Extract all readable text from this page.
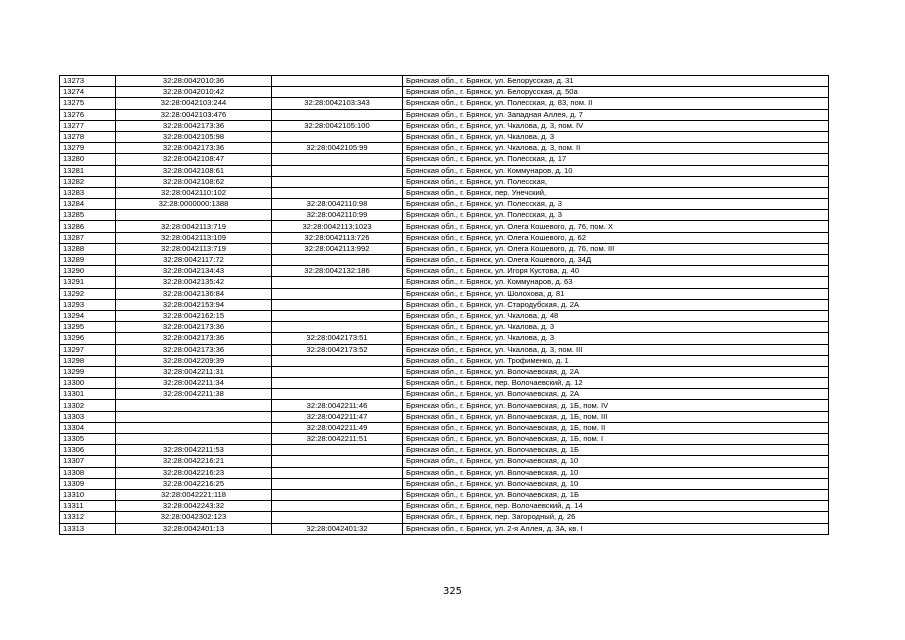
13273	32:28:0042010:36		Брянская обл., г. Брянск, ул. Белорусская, д. 31
13274	32:28:0042010:42		Брянская обл., г. Брянск, ул. Белорусская, д. 50а
13275	32:28:0042103:244	32:28:0042103:343	Брянская обл., г. Брянск, ул. Полесская, д. 83, пом. II
13276	32:28:0042103:476		Брянская обл., г. Брянск, ул. Западная Аллея, д. 7
13277	32:28:0042173:36	32:28:0042105:100	Брянская обл., г. Брянск, ул. Чкалова, д. 3, пом. IV
13278	32:28:0042105:98		Брянская обл., г. Брянск, ул. Чкалова, д. 3
13279	32:28:0042173:36	32:28:0042105:99	Брянская обл., г. Брянск, ул. Чкалова, д. 3, пом. II
13280	32:28:0042108:47		Брянская обл., г. Брянск, ул. Полесская, д. 17
13281	32:28:0042108:61		Брянская обл., г. Брянск, ул. Коммунаров, д. 10
13282	32:28:0042108:62		Брянская обл., г. Брянск, ул. Полесская,
13283	32:28:0042110:102		Брянская обл., г. Брянск, пер. Унечский,
13284	32:28:0000000:1388	32:28:0042110:98	Брянская обл., г. Брянск, ул. Полесская, д. 3
13285		32:28:0042110:99	Брянская обл., г. Брянск, ул. Полесская, д. 3
13286	32:28:0042113:719	32:28:0042113:1023	Брянская обл., г. Брянск, ул. Олега Кошевого, д. 76, пом. X
13287	32:28:0042113:109	32:28:0042113:726	Брянская обл., г. Брянск, ул. Олега Кошевого, д. 62
13288	32:28:0042113:719	32:28:0042113:992	Брянская обл., г. Брянск, ул. Олега Кошевого, д. 76, пом. III
13289	32:28:0042117:72		Брянская обл., г. Брянск, ул. Олега Кошевого, д. 34Д
13290	32:28:0042134:43	32:28:0042132:186	Брянская обл., г. Брянск, ул. Игоря Кустова, д. 40
13291	32:28:0042135:42		Брянская обл., г. Брянск, ул. Коммунаров, д. 63
13292	32:28:0042136:84		Брянская обл., г. Брянск, ул. Шолохова, д. 81
13293	32:28:0042153:94		Брянская обл., г. Брянск, ул. Стародубская, д. 2А
13294	32:28:0042162:15		Брянская обл., г. Брянск, ул. Чкалова, д. 48
13295	32:28:0042173:36		Брянская обл., г. Брянск, ул. Чкалова, д. 3
13296	32:28:0042173:36	32:28:0042173:51	Брянская обл., г. Брянск, ул. Чкалова, д. 3
13297	32:28:0042173:36	32:28:0042173:52	Брянская обл., г. Брянск, ул. Чкалова, д. 3, пом. III
13298	32:28:0042209:39		Брянская обл., г. Брянск, ул. Трофименко, д. 1
13299	32:28:0042211:31		Брянская обл., г. Брянск, ул. Волочаевская, д. 2А
13300	32:28:0042211:34		Брянская обл., г. Брянск, пер. Волочаевский, д. 12
13301	32:28:0042211:38		Брянская обл., г. Брянск, ул. Волочаевская, д. 2А
13302		32:28:0042211:46	Брянская обл., г. Брянск, ул. Волочаевская, д. 1Б, пом. IV
13303		32:28:0042211:47	Брянская обл., г. Брянск, ул. Волочаевская, д. 1Б, пом. III
13304		32:28:0042211:49	Брянская обл., г. Брянск, ул. Волочаевская, д. 1Б, пом. II
13305		32:28:0042211:51	Брянская обл., г. Брянск, ул. Волочаевская, д. 1Б, пом. I
13306	32:28:0042211:53		Брянская обл., г. Брянск, ул. Волочаевская, д. 1Б
13307	32:28:0042216:21		Брянская обл., г. Брянск, ул. Волочаевская, д. 10
13308	32:28:0042216:23		Брянская обл., г. Брянск, ул. Волочаевская, д. 10
13309	32:28:0042216:25		Брянская обл., г. Брянск, ул. Волочаевская, д. 10
13310	32:28:0042221:118		Брянская обл., г. Брянск, ул. Волочаевская, д. 1Б
13311	32:28:0042243:32		Брянская обл., г. Брянск, пер. Волочаевский, д. 14
13312	32:28:0042302:123		Брянская обл., г. Брянск, пер. Загородный, д. 26
13313	32:28:0042401:13	32:28:0042401:32	Брянская обл., г. Брянск, ул. 2-я Аллея, д. 3А, кв. I
325
